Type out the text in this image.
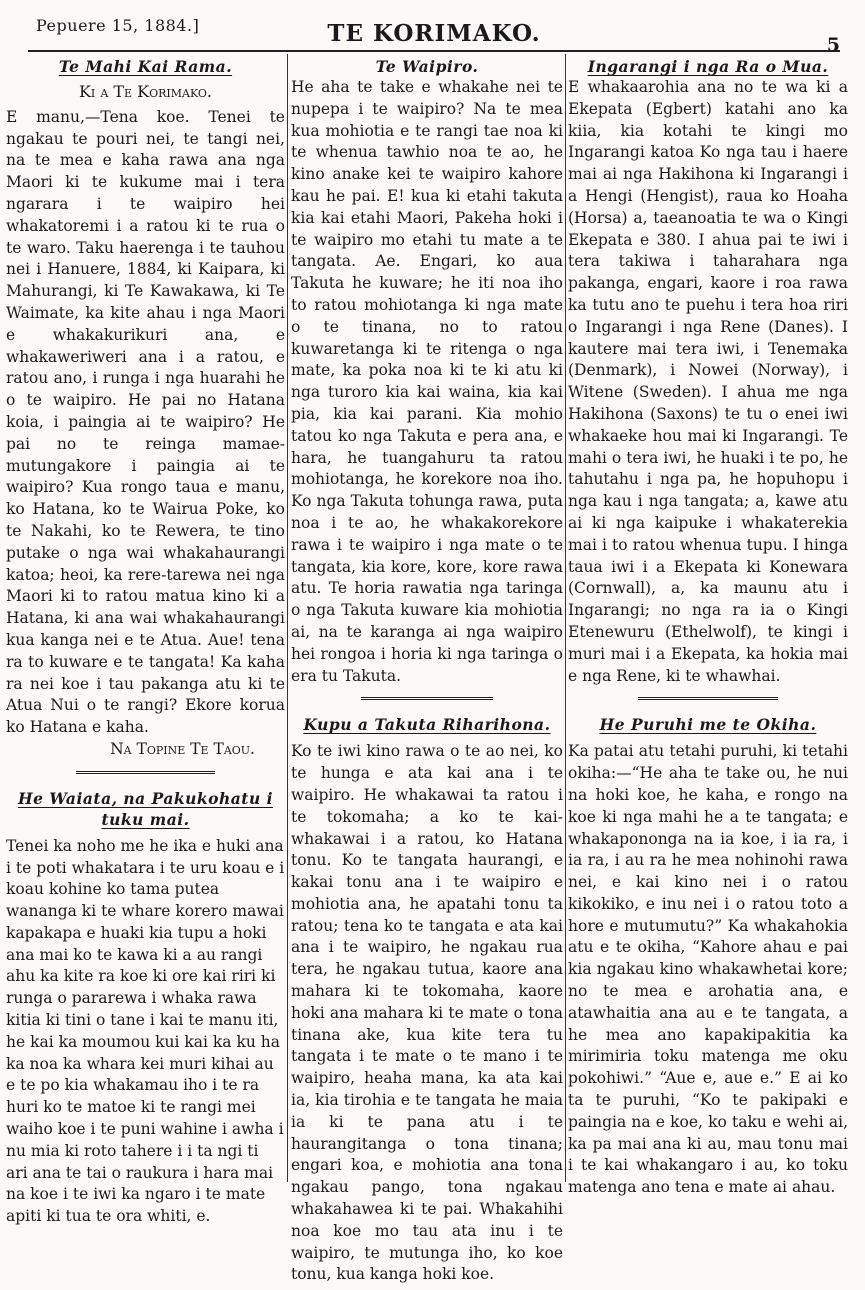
Pepuere 15, 1884.]	TE KORIMAKO.	5
Te Mahi Kai Rama.
Ki a Te Korimako.

E manu,—Tena koe. Tenei te ngakau te pouri nei, te tangi nei, na te mea e kaha rawa ana nga Maori ki te kukume mai i tera ngarara i te waipiro hei whakatoremi i a ratou ki te rua o te waro. Taku haerenga i te tauhou nei i Hanuere, 1884, ki Kaipara, ki Mahurangi, ki Te Kawakawa, ki Te Waimate, ka kite ahau i nga Maori e whakakurikuri ana, e whakaweriweri ana i a ratou, e ratou ano, i runga i nga huarahi he o te waipiro. He pai no Hatana koia, i paingia ai te waipiro? He pai no te reinga mamae-mutungakore i paingia ai te waipiro? Kua rongo taua e manu, ko Hatana, ko te Wairua Poke, ko te Nakahi, ko te Rewera, te tino putake o nga wai whakahaurangi katoa; heoi, ka rere-tarewa nei nga Maori ki to ratou matua kino ki a Hatana, ki ana wai whakahaurangi kua kanga nei e te Atua. Aue! tena ra to kuware e te tangata! Ka kaha ra nei koe i tau pakanga atu ki te Atua Nui o te rangi? Ekore korua ko Hatana e kaha.

Na Topine Te Taou.

He Waiata, na Pakukohatu i tuku mai.

Tenei ka noho me he ika e huki ana i te poti whakatara i te uru koau e i koau kohine ko tama putea wananga ki te whare korero mawai kapakapa e huaki kia tupu a hoki ana mai ko te kawa ki a au rangi ahu ka kite ra koe ki ore kai riri ki runga o pararewa i whaka rawa kitia ki tini o tane i kai te manu iti, he kai ka moumou kui kai ka ku ha ka noa ka whara kei muri kihai au e te po kia whakamau iho i te ra huri ko te matoe ki te rangi mei waiho koe i te puni wahine i awha i nu mia ki roto tahere i i ta ngi ti ari ana te tai o raukura i hara mai na koe i te iwi ka ngaro i te mate apiti ki tua te ora whiti, e.

Te Waipiro.

He aha te take e whakahe nei te nupepa i te waipiro? Na te mea kua mohiotia e te rangi tae noa ki te whenua tawhio noa te ao, he kino anake kei te waipiro kahore kau he pai. E! kua ki etahi takuta kia kai etahi Maori, Pakeha hoki i te waipiro mo etahi tu mate a te tangata. Ae. Engari, ko aua Takuta he kuware; he iti noa iho to ratou mohiotanga ki nga mate o te tinana, no to ratou kuwaretanga ki te ritenga o nga mate, ka poka noa ki te ki atu ki nga turoro kia kai waina, kia kai pia, kia kai parani. Kia mohio tatou ko nga Takuta e pera ana, e hara, he tuangahuru ta ratou mohiotanga, he korekore noa iho. Ko nga Takuta tohunga rawa, puta noa i te ao, he whakakorekore rawa i te waipiro i nga mate o te tangata, kia kore, kore, kore rawa atu. Te horia rawatia nga taringa o nga Takuta kuware kia mohiotia ai, na te karanga ai nga waipiro hei rongoa i horia ki nga taringa o era tu Takuta.

Kupu a Takuta Riharihona.

Ko te iwi kino rawa o te ao nei, ko te hunga e ata kai ana i te waipiro. He whakawai ta ratou i te tokomaha; a ko te kai-whakawai i a ratou, ko Hatana tonu. Ko te tangata haurangi, e kakai tonu ana i te waipiro e mohiotia ana, he apatahi tonu ta ratou; tena ko te tangata e ata kai ana i te waipiro, he ngakau rua tera, he ngakau tutua, kaore ana mahara ki te tokomaha, kaore hoki ana mahara ki te mate o tona tinana ake, kua kite tera tu tangata i te mate o te mano i te waipiro, heaha mana, ka ata kai ia, kia tirohia e te tangata he maia ia ki te pana atu i te haurangitanga o tona tinana; engari koa, e mohiotia ana tona ngakau pango, tona ngakau whakahawea ki te pai. Whakahihi noa koe mo tau ata inu i te waipiro, te mutunga iho, ko koe tonu, kua kanga hoki koe.

Ingarangi i nga Ra o Mua.

E whakaarohia ana no te wa ki a Ekepata (Egbert) katahi ano ka kiia, kia kotahi te kingi mo Ingarangi katoa Ko nga tau i haere mai ai nga Hakihona ki Ingarangi i a Hengi (Hengist), raua ko Hoaha (Horsa) a, taeanoatia te wa o Kingi Ekepata e 380. I ahua pai te iwi i tera takiwa i taharahara nga pakanga, engari, kaore i roa rawa ka tutu ano te puehu i tera hoa riri o Ingarangi i nga Rene (Danes). I kautere mai tera iwi, i Tenemaka (Denmark), i Nowei (Norway), i Witene (Sweden). I ahua me nga Hakihona (Saxons) te tu o enei iwi whakaeke hou mai ki Ingarangi. Te mahi o tera iwi, he huaki i te po, he tahutahu i nga pa, he hopuhopu i nga kau i nga tangata; a, kawe atu ai ki nga kaipuke i whakaterekia mai i to ratou whenua tupu. I hinga taua iwi i a Ekepata ki Konewara (Cornwall), a, ka maunu atu i Ingarangi; no nga ra ia o Kingi Etenewuru (Ethelwolf), te kingi i muri mai i a Ekepata, ka hokia mai e nga Rene, ki te whawhai.

He Puruhi me te Okiha.

Ka patai atu tetahi puruhi, ki tetahi okiha:—“He aha te take ou, he nui na hoki koe, he kaha, e rongo na koe ki nga mahi he a te tangata; e whakapononga na ia koe, i ia ra, i ia ra, i au ra he mea nohinohi rawa nei, e kai kino nei i o ratou kikokiko, e inu nei i o ratou toto a hore e mutumutu?” Ka whakahokia atu e te okiha, “Kahore ahau e pai kia ngakau kino whakawhetai kore; no te mea e arohatia ana, e atawhaitia ana au e te tangata, a he mea ano kapakipakitia ka mirimiria toku matenga me oku pokohiwi.” “Aue e, aue e.” E ai ko ta te puruhi, “Ko te pakipaki e paingia na e koe, ko taku e wehi ai, ka pa mai ana ki au, mau tonu mai i te kai whakangaro i au, ko toku matenga ano tena e mate ai ahau.
